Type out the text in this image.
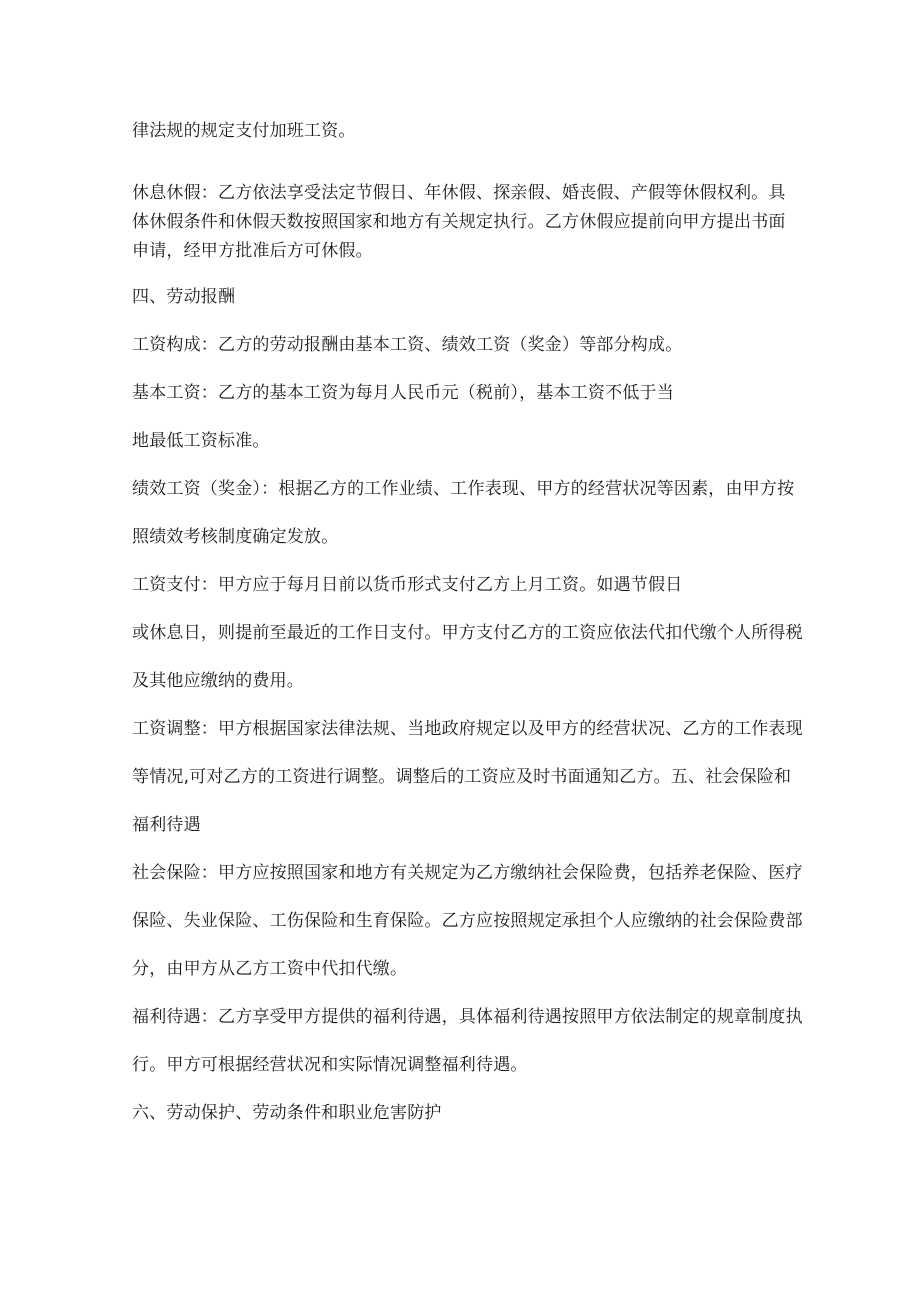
律法规的规定支付加班工资。
休息休假：乙方依法享受法定节假日、年休假、探亲假、婚丧假、产假等休假权利。具
体休假条件和休假天数按照国家和地方有关规定执行。乙方休假应提前向甲方提出书面
申请，经甲方批准后方可休假。
四、劳动报酬
工资构成：乙方的劳动报酬由基本工资、绩效工资（奖金）等部分构成。
基本工资：乙方的基本工资为每月人民币元（税前），基本工资不低于当
地最低工资标准。
绩效工资（奖金）：根据乙方的工作业绩、工作表现、甲方的经营状况等因素，由甲方按
照绩效考核制度确定发放。
工资支付：甲方应于每月日前以货币形式支付乙方上月工资。如遇节假日
或休息日，则提前至最近的工作日支付。甲方支付乙方的工资应依法代扣代缴个人所得税
及其他应缴纳的费用。
工资调整：甲方根据国家法律法规、当地政府规定以及甲方的经营状况、乙方的工作表现
等情况,可对乙方的工资进行调整。调整后的工资应及时书面通知乙方。五、社会保险和
福利待遇
社会保险：甲方应按照国家和地方有关规定为乙方缴纳社会保险费，包括养老保险、医疗
保险、失业保险、工伤保险和生育保险。乙方应按照规定承担个人应缴纳的社会保险费部
分，由甲方从乙方工资中代扣代缴。
福利待遇：乙方享受甲方提供的福利待遇，具体福利待遇按照甲方依法制定的规章制度执
行。甲方可根据经营状况和实际情况调整福利待遇。
六、劳动保护、劳动条件和职业危害防护
